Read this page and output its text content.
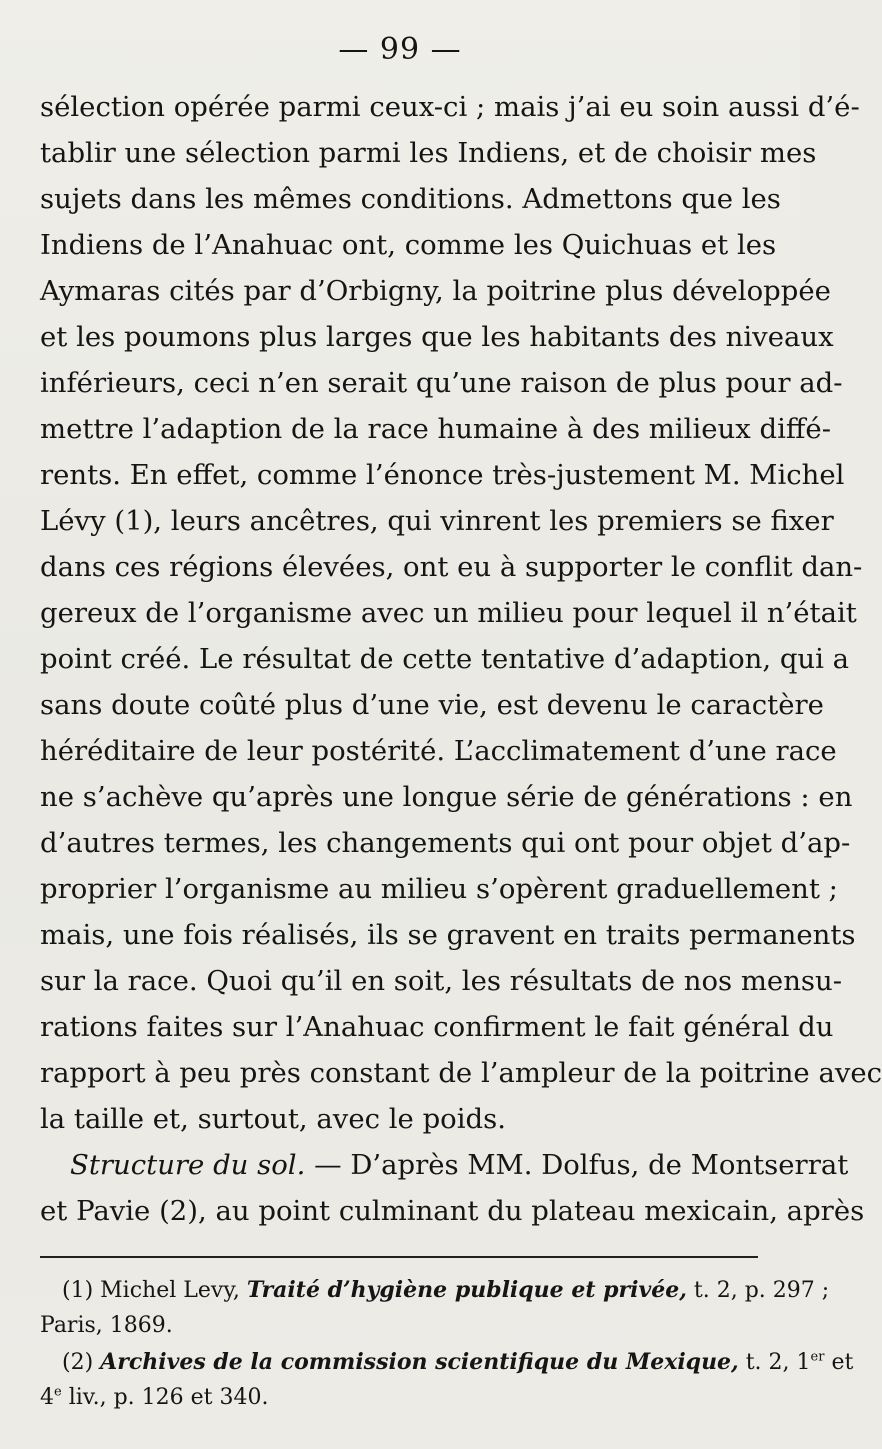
— 99 —
sélection opérée parmi ceux-ci ; mais j’ai eu soin aussi d’é-
tablir une sélection parmi les Indiens, et de choisir mes
sujets dans les mêmes conditions. Admettons que les
Indiens de l’Anahuac ont, comme les Quichuas et les
Aymaras cités par d’Orbigny, la poitrine plus développée
et les poumons plus larges que les habitants des niveaux
inférieurs, ceci n’en serait qu’une raison de plus pour ad-
mettre l’adaption de la race humaine à des milieux diffé-
rents. En effet, comme l’énonce très-justement M. Michel
Lévy (1), leurs ancêtres, qui vinrent les premiers se fixer
dans ces régions élevées, ont eu à supporter le conflit dan-
gereux de l’organisme avec un milieu pour lequel il n’était
point créé. Le résultat de cette tentative d’adaption, qui a
sans doute coûté plus d’une vie, est devenu le caractère
héréditaire de leur postérité. L’acclimatement d’une race
ne s’achève qu’après une longue série de générations : en
d’autres termes, les changements qui ont pour objet d’ap-
proprier l’organisme au milieu s’opèrent graduellement ;
mais, une fois réalisés, ils se gravent en traits permanents
sur la race. Quoi qu’il en soit, les résultats de nos mensu-
rations faites sur l’Anahuac confirment le fait général du
rapport à peu près constant de l’ampleur de la poitrine avec
la taille et, surtout, avec le poids.
Structure du sol. — D’après MM. Dolfus, de Montserrat
et Pavie (2), au point culminant du plateau mexicain, après
(1) Michel Levy, Traité d’hygiène publique et privée, t. 2, p. 297 ;
Paris, 1869.
(2) Archives de la commission scientifique du Mexique, t. 2, 1er et
4e liv., p. 126 et 340.
